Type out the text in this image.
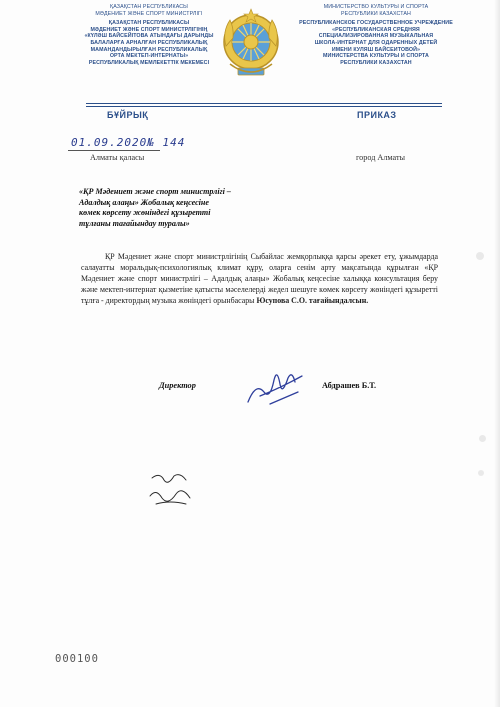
ҚАЗАҚСТАН РЕСПУБЛИКАСЫ
МӘДЕНИЕТ ЖӘНЕ СПОРТ МИНИСТРЛІГІ
ҚАЗАҚСТАН РЕСПУБЛИКАСЫ
МӘДЕНИЕТ ЖӘНЕ СПОРТ МИНИСТРЛІГІНІҢ
«КҮЛӘШ БАЙСЕЙІТОВА АТЫНДАҒЫ ДАРЫНДЫ
БАЛАЛАРҒА АРНАЛҒАН РЕСПУБЛИКАЛЫҚ
МАМАНДАНДЫРЫЛҒАН РЕСПУБЛИКАЛЫҚ
ОРТА МЕКТЕП-ИНТЕРНАТЫ»
РЕСПУБЛИКАЛЫҚ МЕМЛЕКЕТТІК МЕКЕМЕСІ
МИНИСТЕРСТВО КУЛЬТУРЫ И СПОРТА
РЕСПУБЛИКИ КАЗАХСТАН
РЕСПУБЛИКАНСКОЕ ГОСУДАРСТВЕННОЕ УЧРЕЖДЕНИЕ
«РЕСПУБЛИКАНСКАЯ СРЕДНЯЯ
СПЕЦИАЛИЗИРОВАННАЯ МУЗЫКАЛЬНАЯ
ШКОЛА-ИНТЕРНАТ ДЛЯ ОДАРЕННЫХ ДЕТЕЙ
ИМЕНИ КУЛЯШ БАЙСЕИТОВОЙ»
МИНИСТЕРСТВА КУЛЬТУРЫ И СПОРТА
РЕСПУБЛИКИ КАЗАХСТАН
БҰЙРЫҚ	ПРИКАЗ
01.09.2020№ 144
Алматы қаласы	город Алматы
«ҚР Мәдениет және спорт министрлігі –
Адалдық алаңы» Жобалық кеңсесіне
көмек көрсету жөніндегі құзыретті
тұлғаны тағайындау туралы»

ҚР Мәдениет және спорт министрлігінің Сыбайлас жемқорлыққа қарсы әрекет ету, ұжымдарда салауатты моральдық-психологиялық климат құру, оларға сенім арту мақсатында құрылған «ҚР Мәдениет және спорт министрлігі – Адалдық алаңы» Жобалық кеңсесіне халыққа консультация беру және мектеп-интернат қызметіне қатысты мәселелерді жедел шешуге көмек көрсету жөніндегі құзыретті тұлға - директордың музыка жөніндегі орынбасары Юсупова С.О. тағайындалсын.

Директор	Абдрашев Б.Т.
000100
